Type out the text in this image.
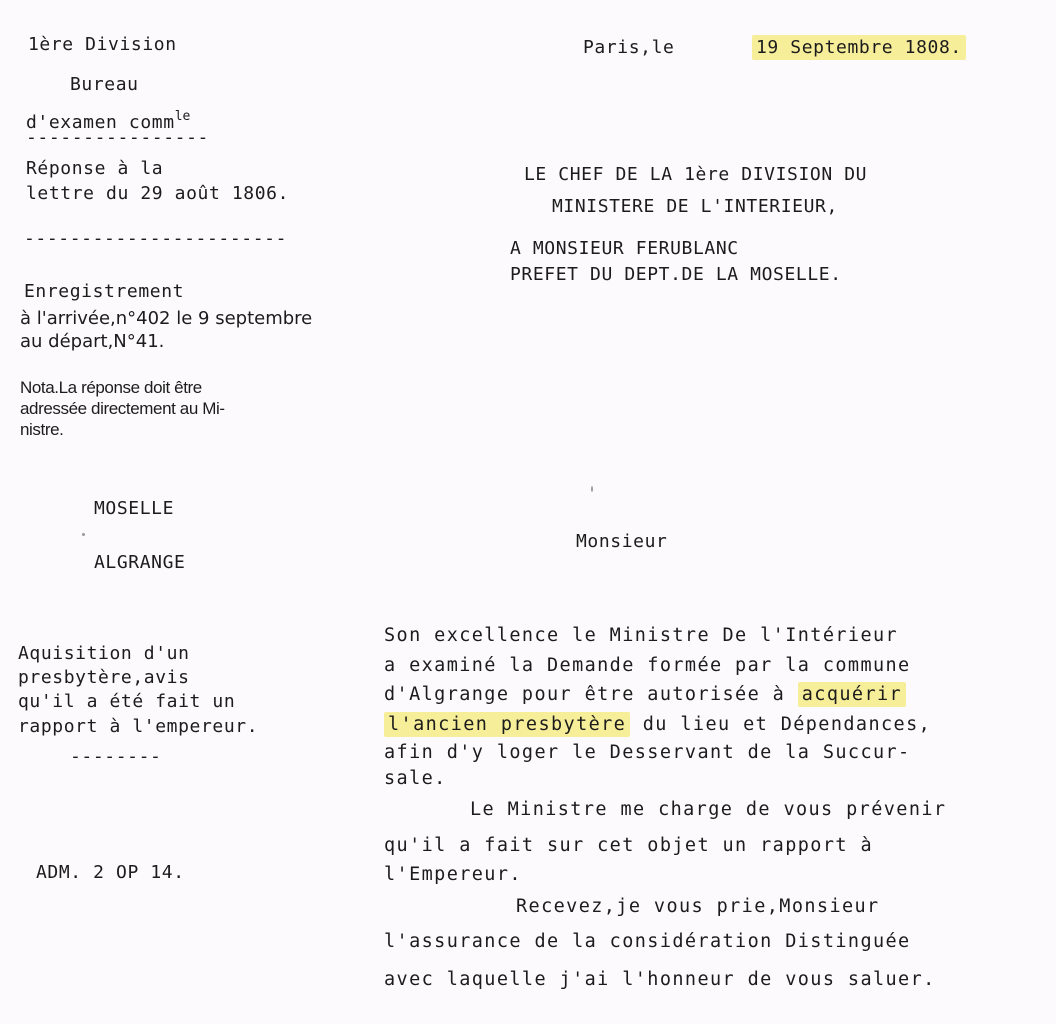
1ère Division
Bureau
d'examen comm$^{le}$
----------------
Réponse à la
lettre du 29 août 1806.
-----------------------
Paris,le	19 Septembre 1808.
LE CHEF DE LA 1ère DIVISION DU
MINISTERE DE L'INTERIEUR,
A MONSIEUR FERUBLANC
PREFET DU DEPT.DE LA MOSELLE.
Enregistrement
à l'arrivée,n°402 le 9 septembre
au départ,N°41.
Nota.La réponse doit être
adressée directement au Mi-
nistre.
MOSELLE
ALGRANGE
Monsieur
Aquisition d'un
presbytère,avis
qu'il a été fait un
rapport à l'empereur.
--------
ADM. 2 OP 14.
Son excellence le Ministre De l'Intérieur
a examiné la Demande formée par la commune
d'Algrange pour être autorisée à acquérir
l'ancien presbytère du lieu et Dépendances,
afin d'y loger le Desservant de la Succur-
sale.
Le Ministre me charge de vous prévenir
qu'il a fait sur cet objet un rapport à
l'Empereur.
Recevez,je vous prie,Monsieur
l'assurance de la considération Distinguée
avec laquelle j'ai l'honneur de vous saluer.
